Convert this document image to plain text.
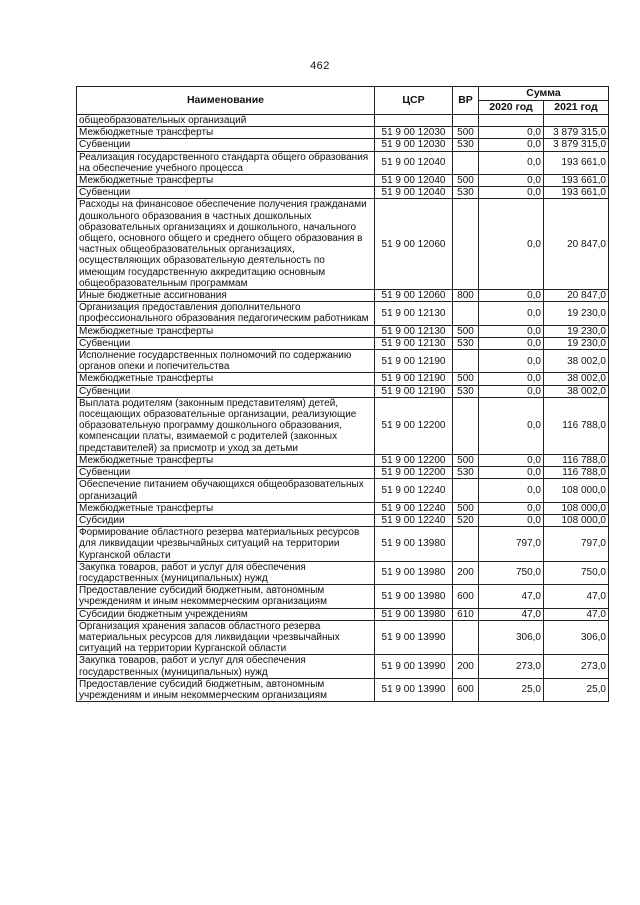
462
Наименование	ЦСР	ВР	Сумма	
			2020 год	2021 год
общеобразовательных организаций				
Межбюджетные трансферты	51 9 00 12030	500	0,0	3 879 315,0
Субвенции	51 9 00 12030	530	0,0	3 879 315,0
Реализация государственного стандарта общего образования на обеспечение учебного процесса	51 9 00 12040		0,0	193 661,0
Межбюджетные трансферты	51 9 00 12040	500	0,0	193 661,0
Субвенции	51 9 00 12040	530	0,0	193 661,0
Расходы на финансовое обеспечение получения гражданами дошкольного образования в частных дошкольных образовательных организациях и дошкольного, начального общего, основного общего и среднего общего образования в частных общеобразовательных организациях, осуществляющих образовательную деятельность по имеющим государственную аккредитацию основным общеобразовательным программам	51 9 00 12060		0,0	20 847,0
Иные бюджетные ассигнования	51 9 00 12060	800	0,0	20 847,0
Организация предоставления дополнительного профессионального образования педагогическим работникам	51 9 00 12130		0,0	19 230,0
Межбюджетные трансферты	51 9 00 12130	500	0,0	19 230,0
Субвенции	51 9 00 12130	530	0,0	19 230,0
Исполнение государственных полномочий по содержанию органов опеки и попечительства	51 9 00 12190		0,0	38 002,0
Межбюджетные трансферты	51 9 00 12190	500	0,0	38 002,0
Субвенции	51 9 00 12190	530	0,0	38 002,0
Выплата родителям (законным представителям) детей, посещающих образовательные организации, реализующие образовательную программу дошкольного образования, компенсации платы, взимаемой с родителей (законных представителей) за присмотр и уход за детьми	51 9 00 12200		0,0	116 788,0
Межбюджетные трансферты	51 9 00 12200	500	0,0	116 788,0
Субвенции	51 9 00 12200	530	0,0	116 788,0
Обеспечение питанием обучающихся общеобразовательных организаций	51 9 00 12240		0,0	108 000,0
Межбюджетные трансферты	51 9 00 12240	500	0,0	108 000,0
Субсидии	51 9 00 12240	520	0,0	108 000,0
Формирование областного резерва материальных ресурсов для ликвидации чрезвычайных ситуаций на территории Курганской области	51 9 00 13980		797,0	797,0
Закупка товаров, работ и услуг для обеспечения государственных (муниципальных) нужд	51 9 00 13980	200	750,0	750,0
Предоставление субсидий бюджетным, автономным учреждениям и иным некоммерческим организациям	51 9 00 13980	600	47,0	47,0
Субсидии бюджетным учреждениям	51 9 00 13980	610	47,0	47,0
Организация хранения запасов областного резерва материальных ресурсов для ликвидации чрезвычайных ситуаций на территории Курганской области	51 9 00 13990		306,0	306,0
Закупка товаров, работ и услуг для обеспечения государственных (муниципальных) нужд	51 9 00 13990	200	273,0	273,0
Предоставление субсидий бюджетным, автономным учреждениям и иным некоммерческим организациям	51 9 00 13990	600	25,0	25,0
